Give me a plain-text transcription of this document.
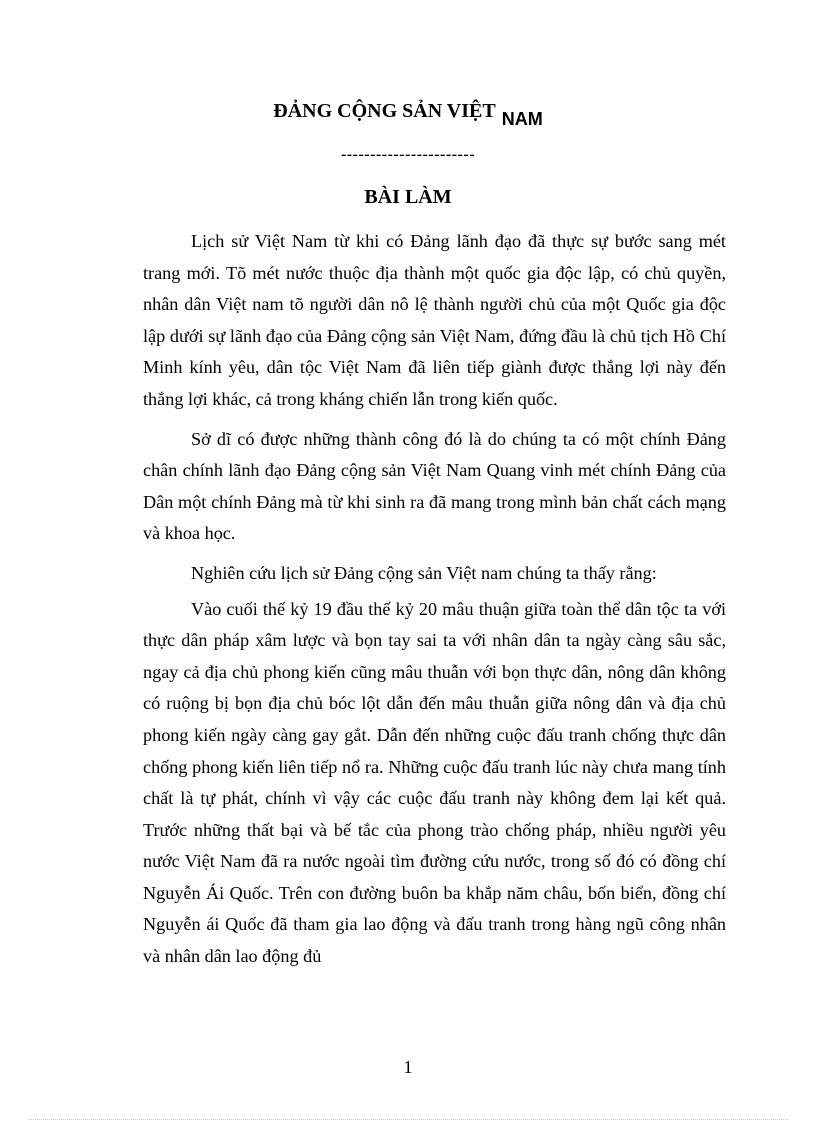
ĐẢNG CỘNG SẢN VIỆT NAM
-----------------------
BÀI LÀM

Lịch sử Việt Nam từ khi có Đảng lãnh đạo đã thực sự bước sang mét trang mới. Tõ mét nước thuộc địa thành một quốc gia độc lập, có chủ quyền, nhân dân Việt nam tõ người dân nô lệ thành người chủ của một Quốc gia độc lập dưới sự lãnh đạo của Đảng cộng sản Việt Nam, đứng đầu là chủ tịch Hồ Chí Minh kính yêu, dân tộc Việt Nam đã liên tiếp giành được thắng lợi này đến thắng lợi khác, cả trong kháng chiến lẫn trong kiến quốc.

Sở dĩ có được những thành công đó là do chúng ta có một chính Đảng chân chính lãnh đạo Đảng cộng sản Việt Nam Quang vinh mét chính Đảng của Dân một chính Đảng mà từ khi sinh ra đã mang trong mình bản chất cách mạng và khoa học.

Nghiên cứu lịch sử Đảng cộng sản Việt nam chúng ta thấy rằng:

Vào cuối thế kỷ 19 đầu thế kỷ 20 mâu thuận giữa toàn thể dân tộc ta với thực dân pháp xâm lược và bọn tay sai ta với nhân dân ta ngày càng sâu sắc, ngay cả địa chủ phong kiến cũng mâu thuẫn với bọn thực dân, nông dân không có ruộng bị bọn địa chủ bóc lột dẫn đến mâu thuẫn giữa nông dân và địa chủ phong kiến ngày càng gay gắt. Dẫn đến những cuộc đấu tranh chống thực dân chống phong kiến liên tiếp nổ ra. Những cuộc đấu tranh lúc này chưa mang tính chất là tự phát, chính vì vậy các cuộc đấu tranh này không đem lại kết quả. Trước những thất bại và bế tắc của phong trào chống pháp, nhiều người yêu nước Việt Nam đã ra nước ngoài tìm đường cứu nước, trong số đó có đồng chí Nguyễn Ái Quốc. Trên con đường buôn ba khắp năm châu, bốn biển, đồng chí Nguyễn ái Quốc đã tham gia lao động và đấu tranh trong hàng ngũ công nhân và nhân dân lao động đủ

1
